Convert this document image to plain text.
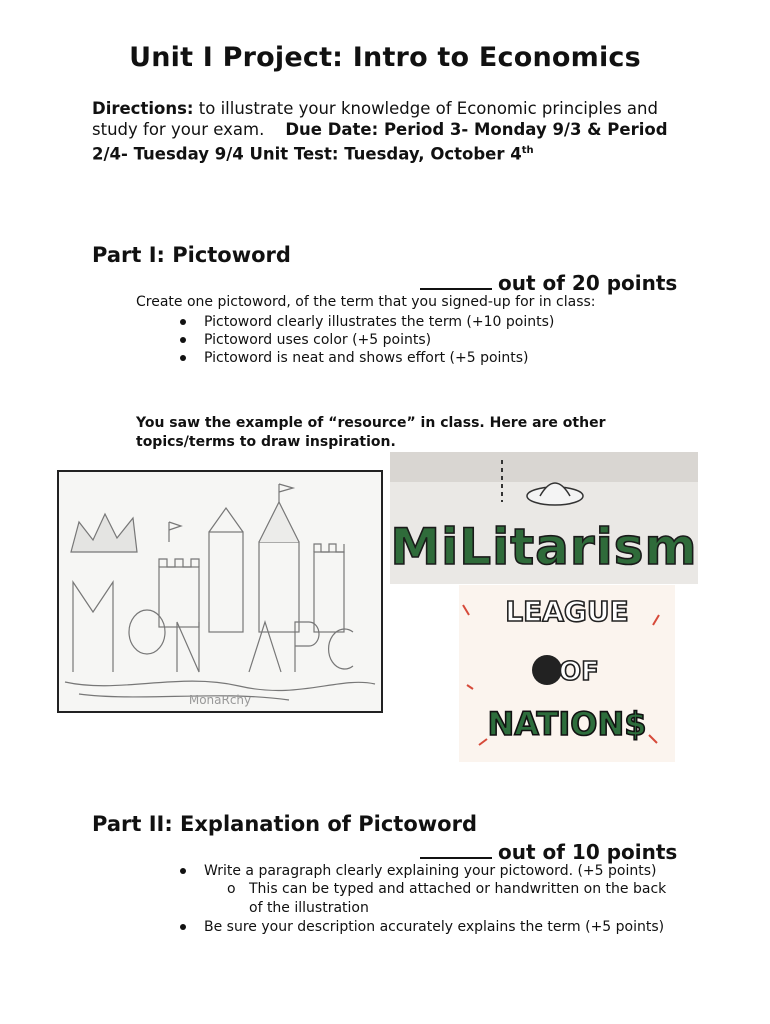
Unit I Project: Intro to Economics
Directions: to illustrate your knowledge of Economic principles and study for your exam. Due Date: Period 3- Monday 9/3 & Period 2/4- Tuesday 9/4 Unit Test: Tuesday, October 4th
Part I: Pictoword
out of 20 points
Create one pictoword, of the term that you signed-up for in class:
Pictoword clearly illustrates the term (+10 points)
Pictoword uses color (+5 points)
Pictoword is neat and shows effort (+5 points)
You saw the example of “resource” in class. Here are other topics/terms to draw inspiration.
MonaRchy
MiLitarism
LEAGUE
OF
NATION$
Part II: Explanation of Pictoword
out of 10 points
Write a paragraph clearly explaining your pictoword. (+5 points)
o This can be typed and attached or handwritten on the back of the illustration
Be sure your description accurately explains the term (+5 points)
